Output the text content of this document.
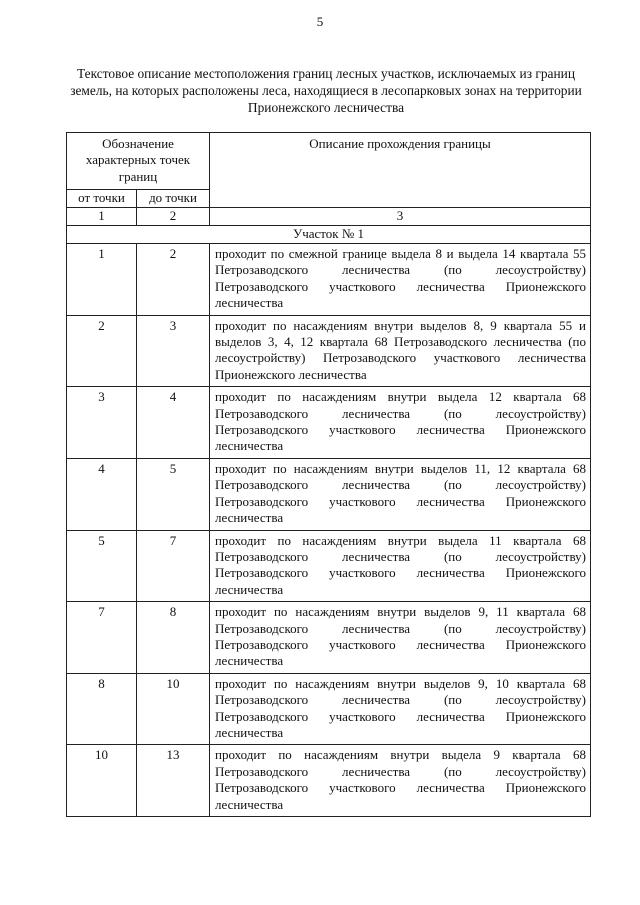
5
Текстовое описание местоположения границ лесных участков, исключаемых из границ земель, на которых расположены леса, находящиеся в лесопарковых зонах на территории Прионежского лесничества
Обозначение характерных точек границ		Описание прохождения границы
от точки	до точки	
1	2	3
Участок № 1		
1	2	проходит по смежной границе выдела 8 и выдела 14 квартала 55 Петрозаводского лесничества (по лесоустройству) Петрозаводского участкового лесничества Прионежского лесничества
2	3	проходит по насаждениям внутри выделов 8, 9 квартала 55 и выделов 3, 4, 12 квартала 68 Петрозаводского лесничества (по лесоустройству) Петрозаводского участкового лесничества Прионежского лесничества
3	4	проходит по насаждениям внутри выдела 12 квартала 68 Петрозаводского лесничества (по лесоустройству) Петрозаводского участкового лесничества Прионежского лесничества
4	5	проходит по насаждениям внутри выделов 11, 12 квартала 68 Петрозаводского лесничества (по лесоустройству) Петрозаводского участкового лесничества Прионежского лесничества
5	7	проходит по насаждениям внутри выдела 11 квартала 68 Петрозаводского лесничества (по лесоустройству) Петрозаводского участкового лесничества Прионежского лесничества
7	8	проходит по насаждениям внутри выделов 9, 11 квартала 68 Петрозаводского лесничества (по лесоустройству) Петрозаводского участкового лесничества Прионежского лесничества
8	10	проходит по насаждениям внутри выделов 9, 10 квартала 68 Петрозаводского лесничества (по лесоустройству) Петрозаводского участкового лесничества Прионежского лесничества
10	13	проходит по насаждениям внутри выдела 9 квартала 68 Петрозаводского лесничества (по лесоустройству) Петрозаводского участкового лесничества Прионежского лесничества
